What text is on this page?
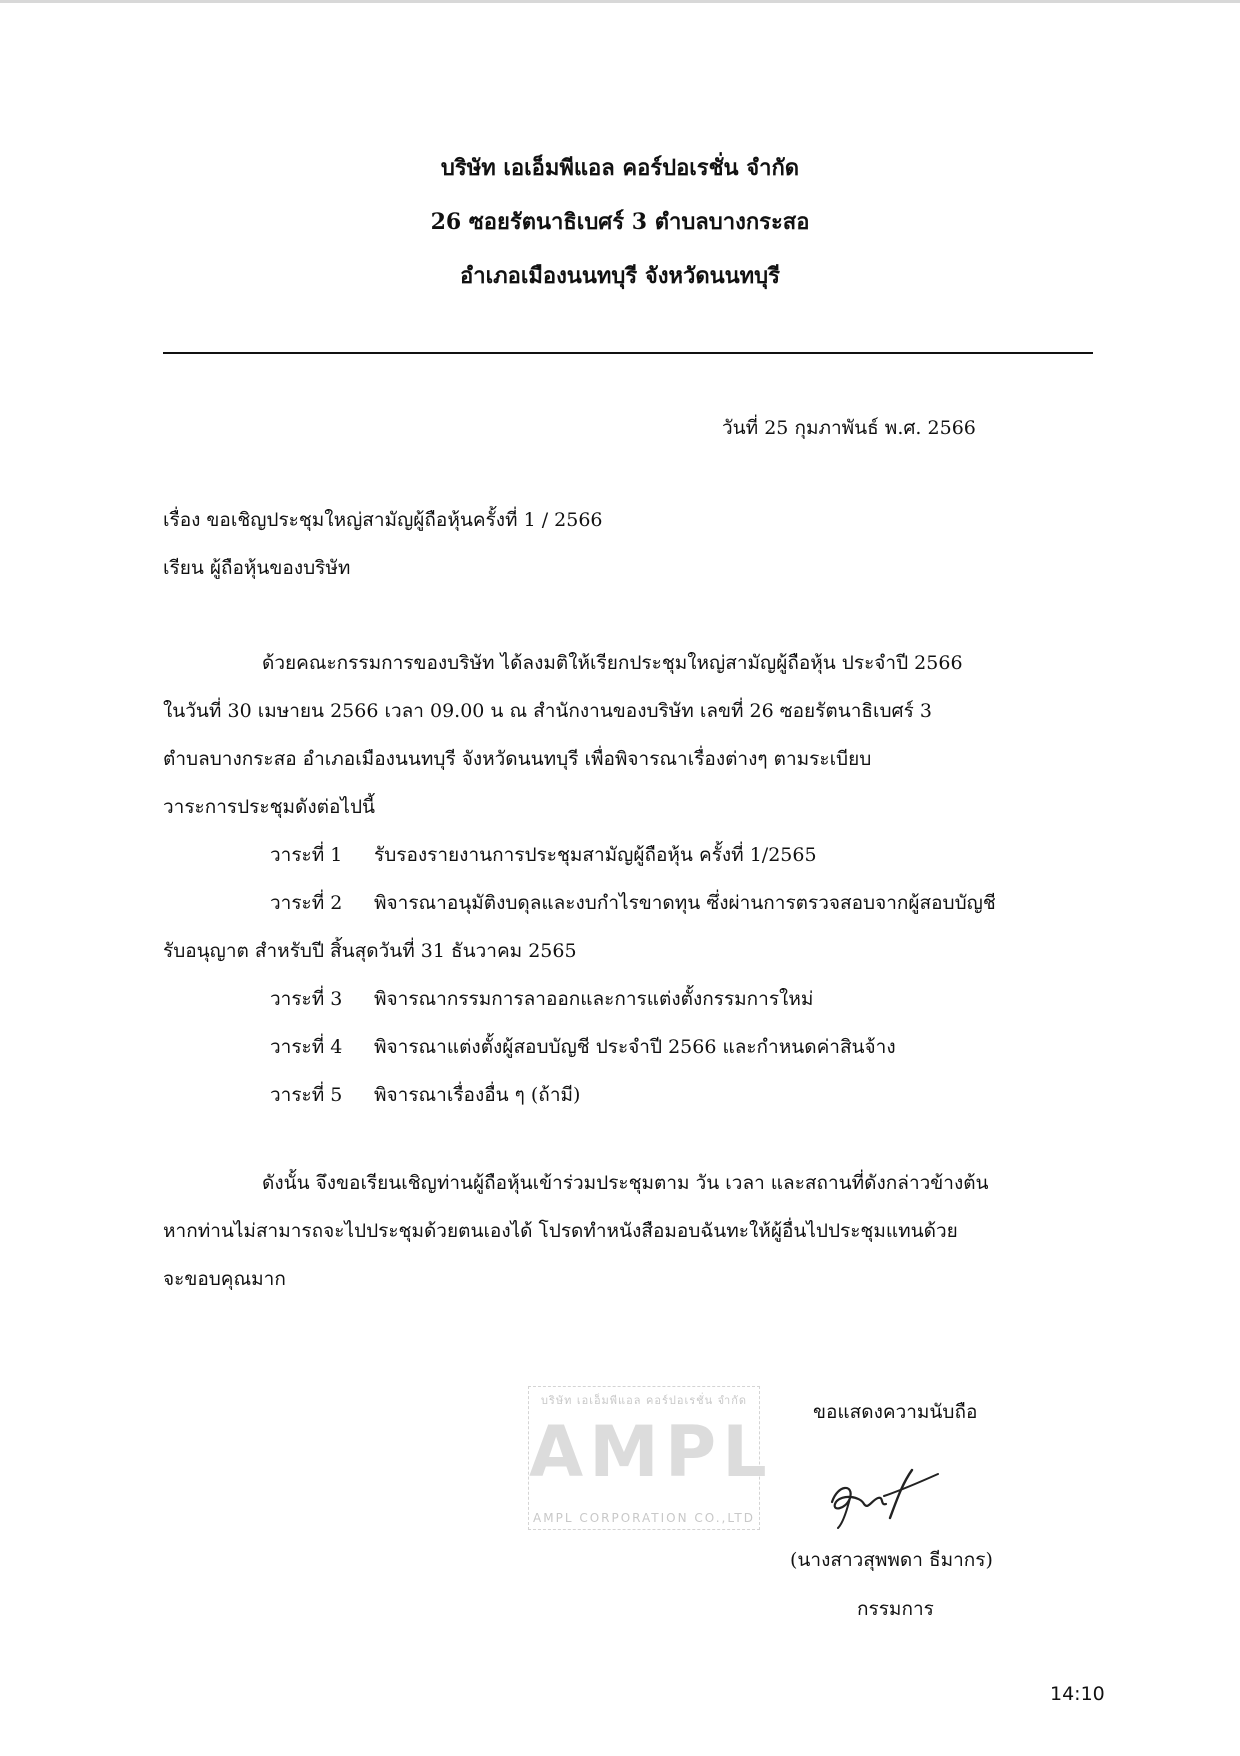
บริษัท เอเอ็มพีแอล คอร์ปอเรชั่น จำกัด
26 ซอยรัตนาธิเบศร์ 3 ตำบลบางกระสอ
อำเภอเมืองนนทบุรี จังหวัดนนทบุรี
วันที่ 25 กุมภาพันธ์ พ.ศ. 2566
เรื่อง ขอเชิญประชุมใหญ่สามัญผู้ถือหุ้นครั้งที่ 1 / 2566
เรียน ผู้ถือหุ้นของบริษัท
ด้วยคณะกรรมการของบริษัท ได้ลงมติให้เรียกประชุมใหญ่สามัญผู้ถือหุ้น ประจำปี 2566
ในวันที่ 30 เมษายน 2566 เวลา 09.00 น ณ สำนักงานของบริษัท เลขที่ 26 ซอยรัตนาธิเบศร์ 3
ตำบลบางกระสอ อำเภอเมืองนนทบุรี จังหวัดนนทบุรี เพื่อพิจารณาเรื่องต่างๆ ตามระเบียบ
วาระการประชุมดังต่อไปนี้
วาระที่ 1 รับรองรายงานการประชุมสามัญผู้ถือหุ้น ครั้งที่ 1/2565
วาระที่ 2 พิจารณาอนุมัติงบดุลและงบกำไรขาดทุน ซึ่งผ่านการตรวจสอบจากผู้สอบบัญชี
รับอนุญาต สำหรับปี สิ้นสุดวันที่ 31 ธันวาคม 2565
วาระที่ 3 พิจารณากรรมการลาออกและการแต่งตั้งกรรมการใหม่
วาระที่ 4 พิจารณาแต่งตั้งผู้สอบบัญชี ประจำปี 2566 และกำหนดค่าสินจ้าง
วาระที่ 5 พิจารณาเรื่องอื่น ๆ (ถ้ามี)
ดังนั้น จึงขอเรียนเชิญท่านผู้ถือหุ้นเข้าร่วมประชุมตาม วัน เวลา และสถานที่ดังกล่าวข้างต้น
หากท่านไม่สามารถจะไปประชุมด้วยตนเองได้ โปรดทำหนังสือมอบฉันทะให้ผู้อื่นไปประชุมแทนด้วย
จะขอบคุณมาก
บริษัท เอเอ็มพีแอล คอร์ปอเรชั่น จำกัด
AMPL
AMPL CORPORATION CO.,LTD
ขอแสดงความนับถือ
(นางสาวสุพพดา ธีมากร)
กรรมการ
14:10
